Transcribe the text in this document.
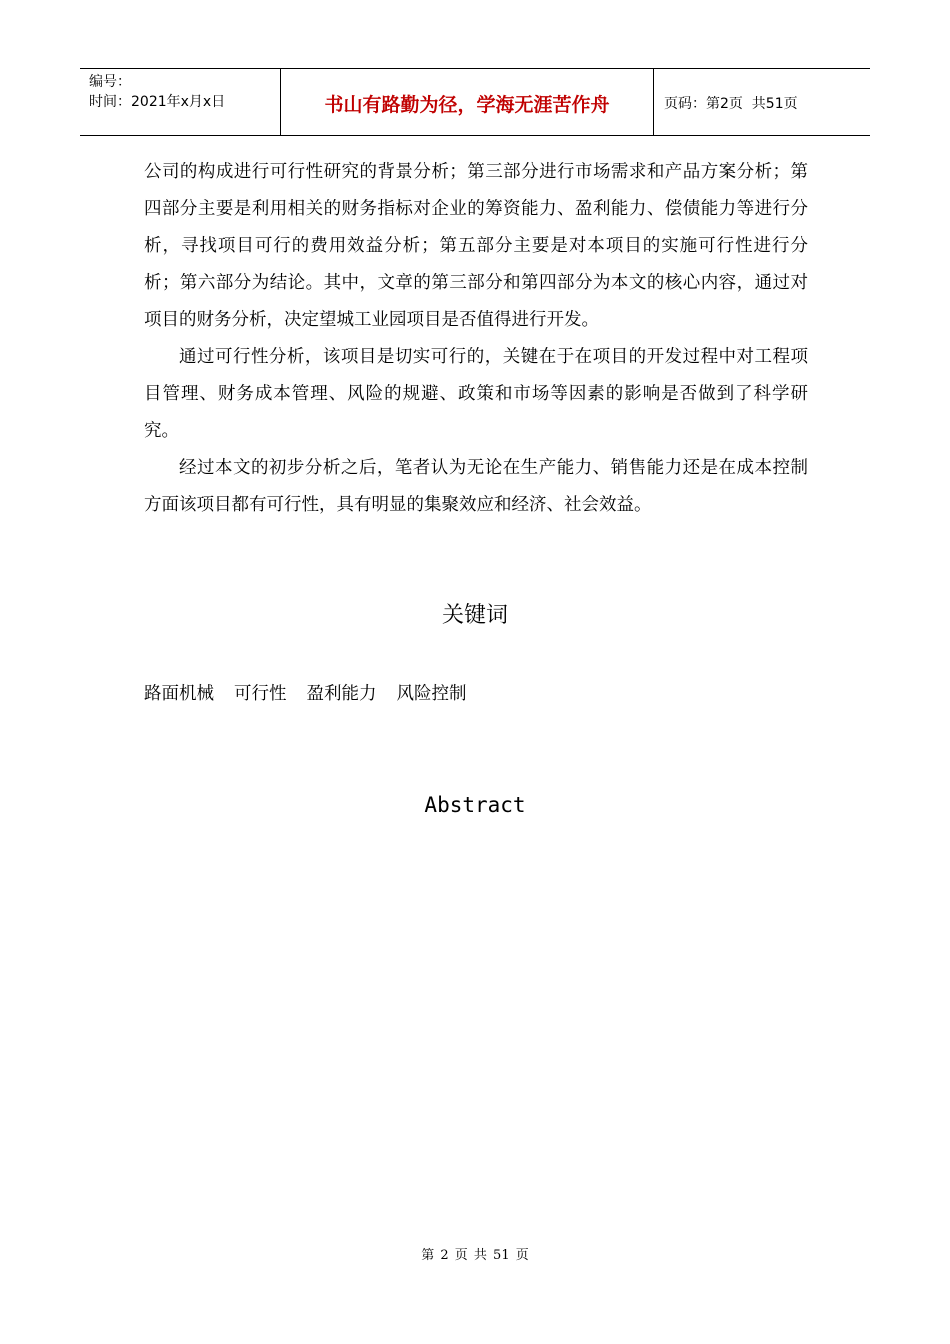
编号：
时间：2021年x月x日	书山有路勤为径，学海无涯苦作舟	页码：第2页  共51页

公司的构成进行可行性研究的背景分析；第三部分进行市场需求和产品方案分析；第四部分主要是利用相关的财务指标对企业的筹资能力、盈利能力、偿债能力等进行分析，寻找项目可行的费用效益分析；第五部分主要是对本项目的实施可行性进行分析；第六部分为结论。其中，文章的第三部分和第四部分为本文的核心内容，通过对项目的财务分析，决定望城工业园项目是否值得进行开发。

通过可行性分析，该项目是切实可行的，关键在于在项目的开发过程中对工程项目管理、财务成本管理、风险的规避、政策和市场等因素的影响是否做到了科学研究。

经过本文的初步分析之后，笔者认为无论在生产能力、销售能力还是在成本控制方面该项目都有可行性，具有明显的集聚效应和经济、社会效益。

关键词
路面机械 可行性 盈利能力 风险控制
Abstract
第 2 页 共 51 页
